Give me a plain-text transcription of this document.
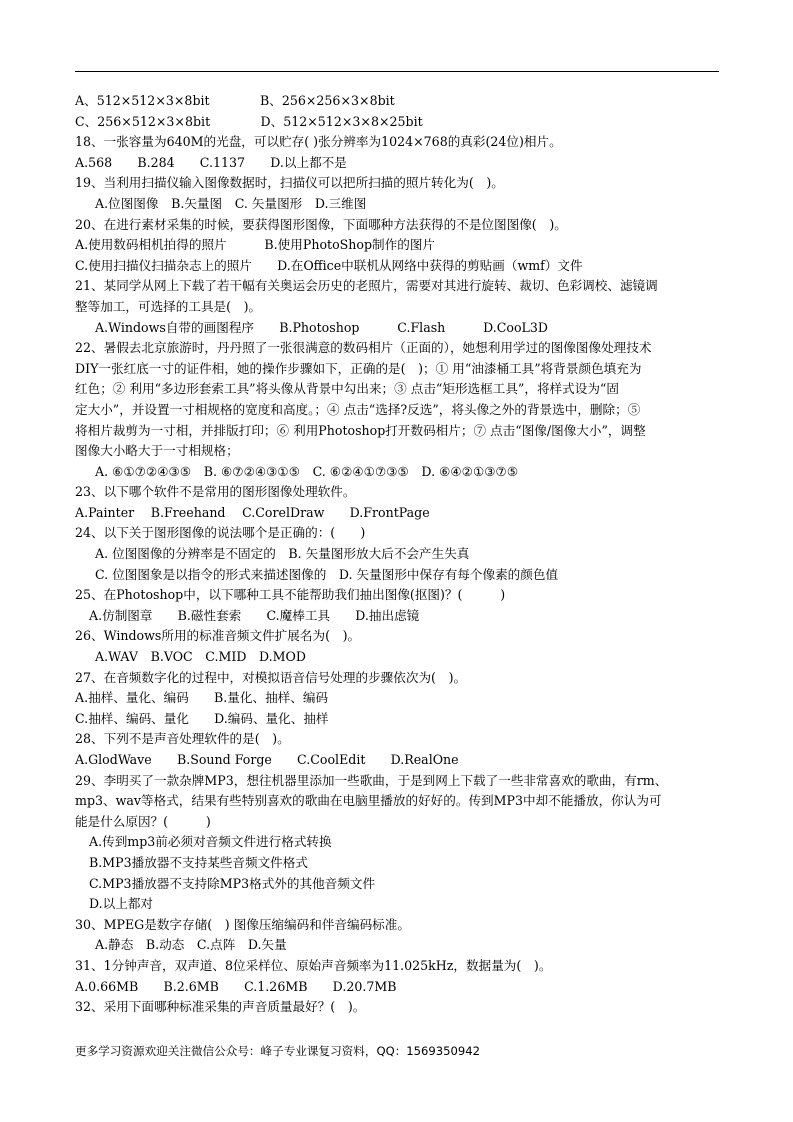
A、512×512×3×8bit　　　　B、256×256×3×8bit
C、256×512×3×8bit　　　　D、512×512×3×8×25bit
18、一张容量为640M的光盘，可以贮存( )张分辨率为1024×768的真彩(24位)相片。
A.568　　B.284　　C.1137　　D.以上都不是
19、当利用扫描仪输入图像数据时，扫描仪可以把所扫描的照片转化为(　)。
A.位图图像　B.矢量图　C. 矢量图形　D.三维图
20、在进行素材采集的时候，要获得图形图像，下面哪种方法获得的不是位图图像(　)。
A.使用数码相机拍得的照片　　　B.使用PhotoShop制作的图片
C.使用扫描仪扫描杂志上的照片　　D.在Office中联机从网络中获得的剪贴画（wmf）文件
21、某同学从网上下载了若干幅有关奥运会历史的老照片，需要对其进行旋转、裁切、色彩调校、滤镜调
整等加工，可选择的工具是(　)。
A.Windows自带的画图程序　　B.Photoshop　　　C.Flash　　　D.CooL3D
22、暑假去北京旅游时，丹丹照了一张很满意的数码相片（正面的），她想利用学过的图像图像处理技术
DIY一张红底一寸的证件相，她的操作步骤如下，正确的是(　)；① 用“油漆桶工具”将背景颜色填充为
红色；② 利用“多边形套索工具”将头像从背景中勾出来；③ 点击“矩形选框工具”，将样式设为“固
定大小”，并设置一寸相规格的宽度和高度。；④ 点击“选择?反选”，将头像之外的背景选中，删除；⑤
将相片裁剪为一寸相，并排版打印；⑥ 利用Photoshop打开数码相片；⑦ 点击“图像/图像大小”，调整
图像大小略大于一寸相规格；
A. ⑥①⑦②④③⑤　B. ⑥⑦②④③①⑤　C. ⑥②④①⑦③⑤　D. ⑥④②①③⑦⑤
23、以下哪个软件不是常用的图形图像处理软件。
A.Painter　 B.Freehand　 C.CorelDraw　　D.FrontPage
24、以下关于图形图像的说法哪个是正确的：(　　)
A. 位图图像的分辨率是不固定的　B. 矢量图形放大后不会产生失真
C. 位图图象是以指令的形式来描述图像的　D. 矢量图形中保存有每个像素的颜色值
25、在Photoshop中，以下哪种工具不能帮助我们抽出图像(抠图)？(　　　)
A.仿制图章　　B.磁性套索　　C.魔棒工具　　D.抽出虑镜
26、Windows所用的标准音频文件扩展名为(　)。
A.WAV　B.VOC　C.MID　D.MOD
27、在音频数字化的过程中，对模拟语音信号处理的步骤依次为(　)。
A.抽样、量化、编码　　B.量化、抽样、编码
C.抽样、编码、量化　　D.编码、量化、抽样
28、下列不是声音处理软件的是(　)。
A.GlodWave　　B.Sound Forge　　C.CoolEdit　　D.RealOne
29、李明买了一款杂牌MP3，想往机器里添加一些歌曲，于是到网上下载了一些非常喜欢的歌曲，有rm、
mp3、wav等格式，结果有些特别喜欢的歌曲在电脑里播放的好好的。传到MP3中却不能播放，你认为可
能是什么原因？(　　　)
A.传到mp3前必须对音频文件进行格式转换
B.MP3播放器不支持某些音频文件格式
C.MP3播放器不支持除MP3格式外的其他音频文件
D.以上都对
30、MPEG是数字存储(　) 图像压缩编码和伴音编码标准。
A.静态　B.动态　C.点阵　D.矢量
31、1分钟声音，双声道、8位采样位、原始声音频率为11.025kHz，数据量为(　)。
A.0.66MB　　B.2.6MB　　C.1.26MB　　D.20.7MB
32、采用下面哪种标准采集的声音质量最好？(　)。
更多学习资源欢迎关注微信公众号：峰子专业课复习资料，QQ：1569350942
